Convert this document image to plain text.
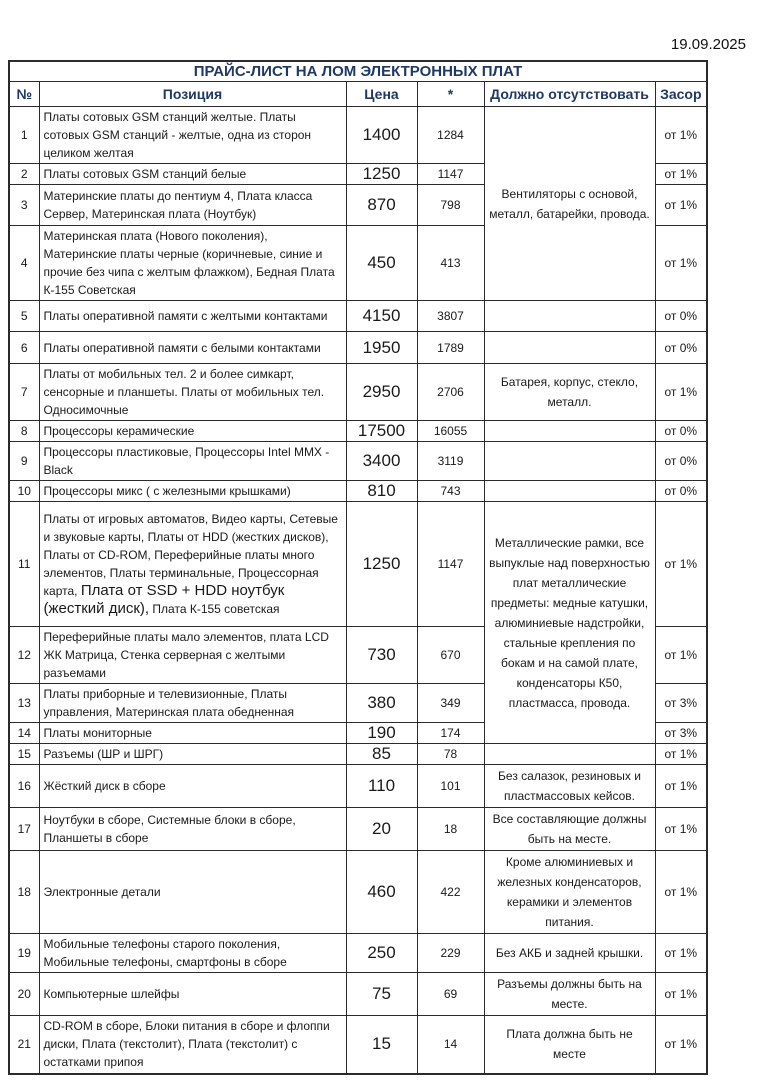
19.09.2025
ПРАЙС-ЛИСТ НА ЛОМ ЭЛЕКТРОННЫХ ПЛАТ					
№	Позиция	Цена	*	Должно отсутствовать	Засор
1	Платы сотовых GSM станций желтые. Платы сотовых GSM станций - желтые, одна из сторон целиком желтая	1400	1284	Вентиляторы с основой, металл, батарейки, провода.	от 1%
2	Платы сотовых GSM станций белые	1250	1147		от 1%
3	Материнские платы до пентиум 4, Плата класса Сервер, Материнская плата (Ноутбук)	870	798		от 1%
4	Материнская плата (Нового поколения), Материнские платы черные (коричневые, синие и прочие без чипа с желтым флажком), Бедная Плата К-155 Советская	450	413		от 1%
5	Платы оперативной памяти с желтыми контактами	4150	3807		от 0%
6	Платы оперативной памяти с белыми контактами	1950	1789		от 0%
7	Платы от мобильных тел. 2 и более симкарт, сенсорные и планшеты. Платы от мобильных тел. Односимочные	2950	2706	Батарея, корпус, стекло, металл.	от 1%
8	Процессоры керамические	17500	16055		от 0%
9	Процессоры пластиковые, Процессоры Intel MMX - Black	3400	3119		от 0%
10	Процессоры микс ( с железными крышками)	810	743		от 0%
11	Платы от игровых автоматов, Видео карты, Сетевые и звуковые карты, Платы от HDD (жестких дисков), Платы от CD-ROM, Переферийные платы много элементов, Платы терминальные, Процессорная карта, Плата от SSD + HDD ноутбук (жесткий диск), Плата К-155 советская	1250	1147	Металлические рамки, все выпуклые над поверхностью плат металлические предметы: медные катушки, алюминиевые надстройки, стальные крепления по бокам и на самой плате, конденсаторы К50, пластмасса, провода.	от 1%
12	Переферийные платы мало элементов, плата LCD ЖК Матрица, Стенка серверная с желтыми разъемами	730	670		от 1%
13	Платы приборные и телевизионные, Платы управления, Материнская плата обедненная	380	349		от 3%
14	Платы мониторные	190	174		от 3%
15	Разъемы (ШР и ШРГ)	85	78		от 1%
16	Жёсткий диск в сборе	110	101	Без салазок, резиновых и пластмассовых кейсов.	от 1%
17	Ноутбуки в сборе, Системные блоки в сборе, Планшеты в сборе	20	18	Все составляющие должны быть на месте.	от 1%
18	Электронные детали	460	422	Кроме алюминиевых и железных конденсаторов, керамики и элементов питания.	от 1%
19	Мобильные телефоны старого поколения, Мобильные телефоны, смартфоны в сборе	250	229	Без АКБ и задней крышки.	от 1%
20	Компьютерные шлейфы	75	69	Разъемы должны быть на месте.	от 1%
21	CD-ROM в сборе, Блоки питания в сборе и флоппи диски, Плата (текстолит), Плата (текстолит) с остатками припоя	15	14	Плата должна быть не месте	от 1%
